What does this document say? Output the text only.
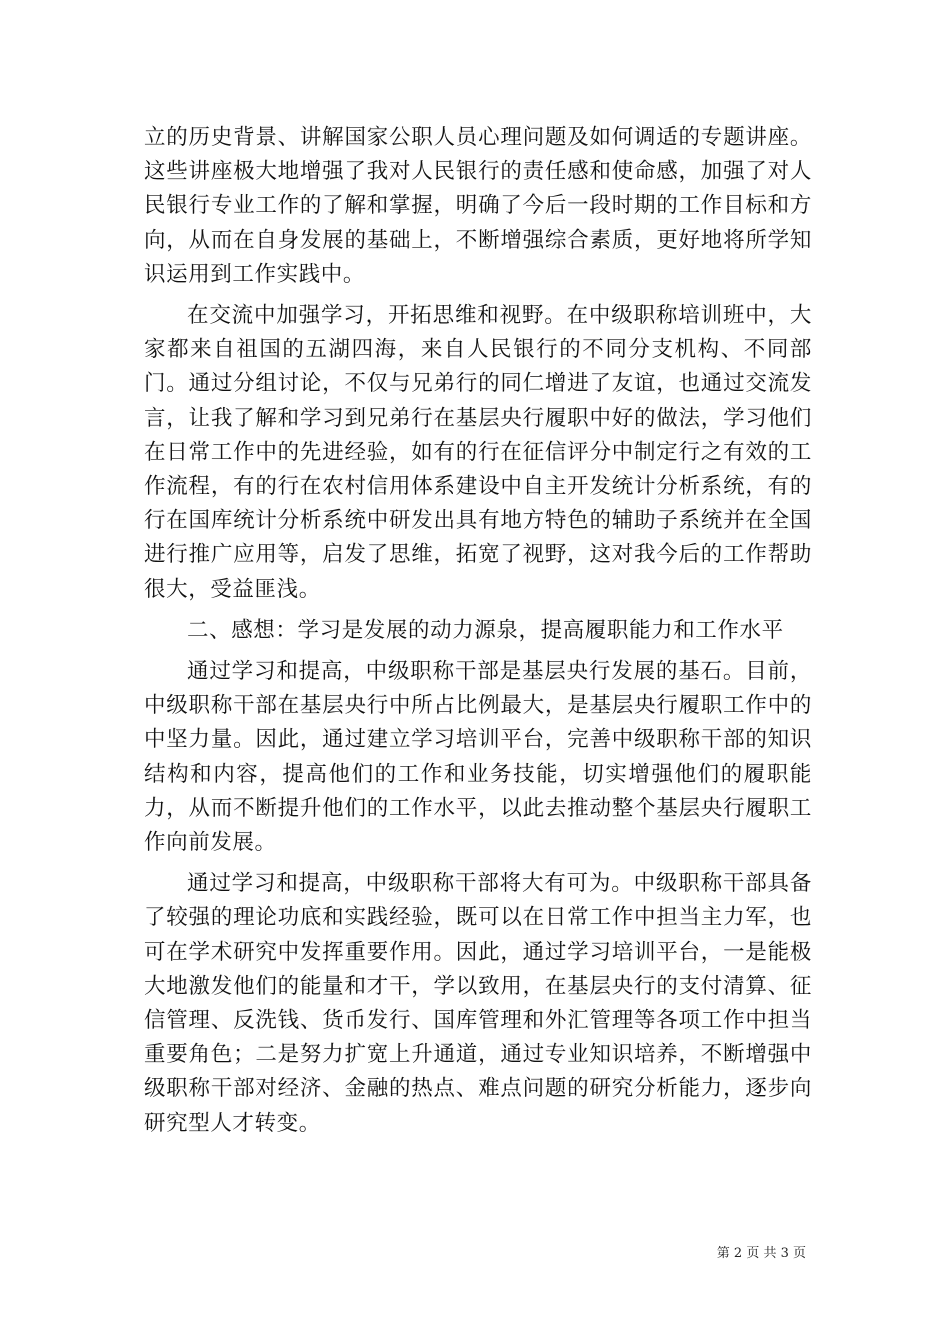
立的历史背景、讲解国家公职人员心理问题及如何调适的专题讲座。这些讲座极大地增强了我对人民银行的责任感和使命感，加强了对人民银行专业工作的了解和掌握，明确了今后一段时期的工作目标和方向，从而在自身发展的基础上，不断增强综合素质，更好地将所学知识运用到工作实践中。

在交流中加强学习，开拓思维和视野。在中级职称培训班中，大家都来自祖国的五湖四海，来自人民银行的不同分支机构、不同部门。通过分组讨论，不仅与兄弟行的同仁增进了友谊，也通过交流发言，让我了解和学习到兄弟行在基层央行履职中好的做法，学习他们在日常工作中的先进经验，如有的行在征信评分中制定行之有效的工作流程，有的行在农村信用体系建设中自主开发统计分析系统，有的行在国库统计分析系统中研发出具有地方特色的辅助子系统并在全国进行推广应用等，启发了思维，拓宽了视野，这对我今后的工作帮助很大，受益匪浅。

二、感想：学习是发展的动力源泉，提高履职能力和工作水平

通过学习和提高，中级职称干部是基层央行发展的基石。目前，中级职称干部在基层央行中所占比例最大，是基层央行履职工作中的中坚力量。因此，通过建立学习培训平台，完善中级职称干部的知识结构和内容，提高他们的工作和业务技能，切实增强他们的履职能力，从而不断提升他们的工作水平，以此去推动整个基层央行履职工作向前发展。

通过学习和提高，中级职称干部将大有可为。中级职称干部具备了较强的理论功底和实践经验，既可以在日常工作中担当主力军，也可在学术研究中发挥重要作用。因此，通过学习培训平台，一是能极大地激发他们的能量和才干，学以致用，在基层央行的支付清算、征信管理、反洗钱、货币发行、国库管理和外汇管理等各项工作中担当重要角色；二是努力扩宽上升通道，通过专业知识培养，不断增强中级职称干部对经济、金融的热点、难点问题的研究分析能力，逐步向研究型人才转变。

第 2 页 共 3 页
